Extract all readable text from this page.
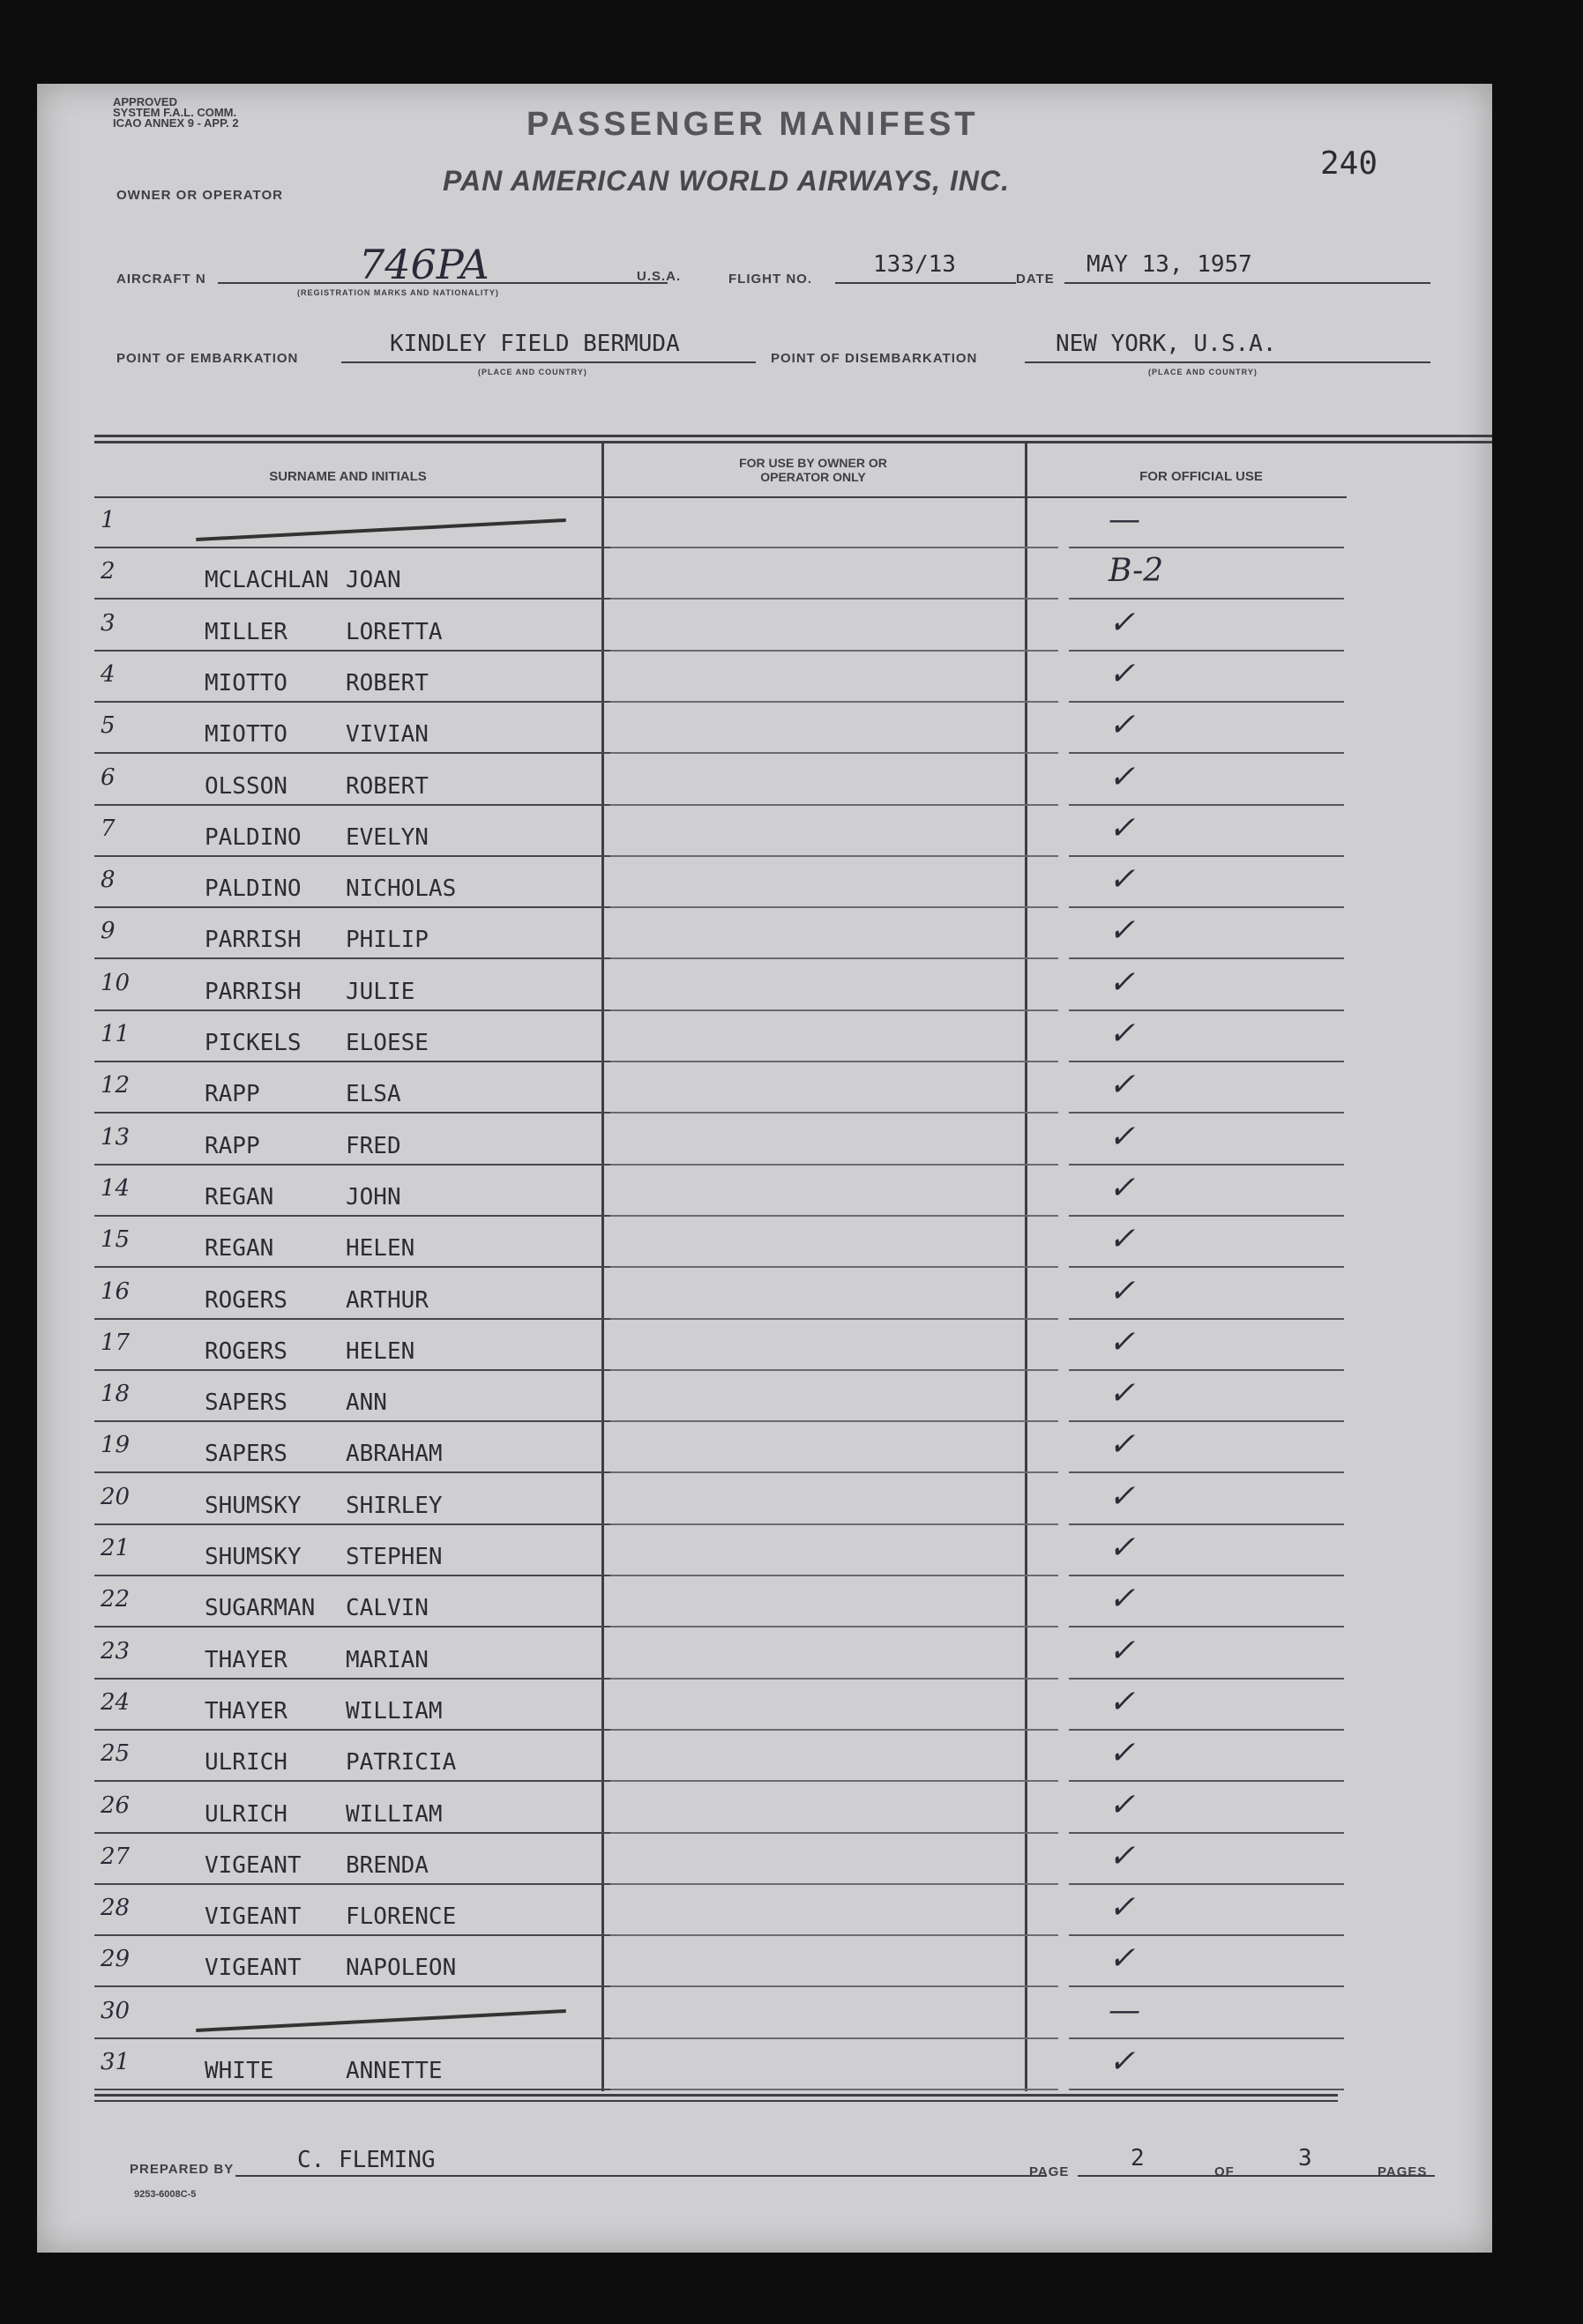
APPROVED
SYSTEM F.A.L. COMM.
ICAO ANNEX 9 - APP. 2	PASSENGER MANIFEST
240
OWNER OR OPERATOR	PAN AMERICAN WORLD AIRWAYS, INC.
AIRCRAFT N	746PA
(REGISTRATION MARKS AND NATIONALITY)
U.S.A.	FLIGHT NO.
133/13
DATE
MAY 13, 1957
POINT OF EMBARKATION
KINDLEY FIELD BERMUDA
(PLACE AND COUNTRY)
POINT OF DISEMBARKATION
NEW YORK, U.S.A.
(PLACE AND COUNTRY)
SURNAME AND INITIALS
FOR USE BY OWNER OR OPERATOR ONLY	FOR OFFICIAL USE
1	—
2	MCLACHLAN JOAN	B-2
3	MILLER	LORETTA	✓
4	MIOTTO	ROBERT	✓
5	MIOTTO	VIVIAN	✓
6	OLSSON	ROBERT	✓
7	PALDINO EVELYN	✓
8	PALDINO NICHOLAS	✓
9	PARRISH PHILIP	✓
10	PARRISH JULIE	✓
11	PICKELS ELOESE	✓
12	RAPP	ELSA	✓
13	RAPP	FRED	✓
14	REGAN	JOHN	✓
15	REGAN	HELEN	✓
16	ROGERS	ARTHUR	✓
17	ROGERS	HELEN	✓
18	SAPERS	ANN	✓
19	SAPERS	ABRAHAM	✓
20	SHUMSKY SHIRLEY	✓
21	SHUMSKY STEPHEN	✓
22	SUGARMAN CALVIN	✓
23	THAYER	MARIAN	✓
24	THAYER	WILLIAM	✓
25	ULRICH	PATRICIA	✓
26	ULRICH	WILLIAM	✓
27	VIGEANT BRENDA	✓
28	VIGEANT FLORENCE	✓
29	VIGEANT NAPOLEON	✓
30	—
31	WHITE	ANNETTE	✓
PREPARED BY	C. FLEMING
9253-6008C-5
PAGE
2
OF
3
PAGES
